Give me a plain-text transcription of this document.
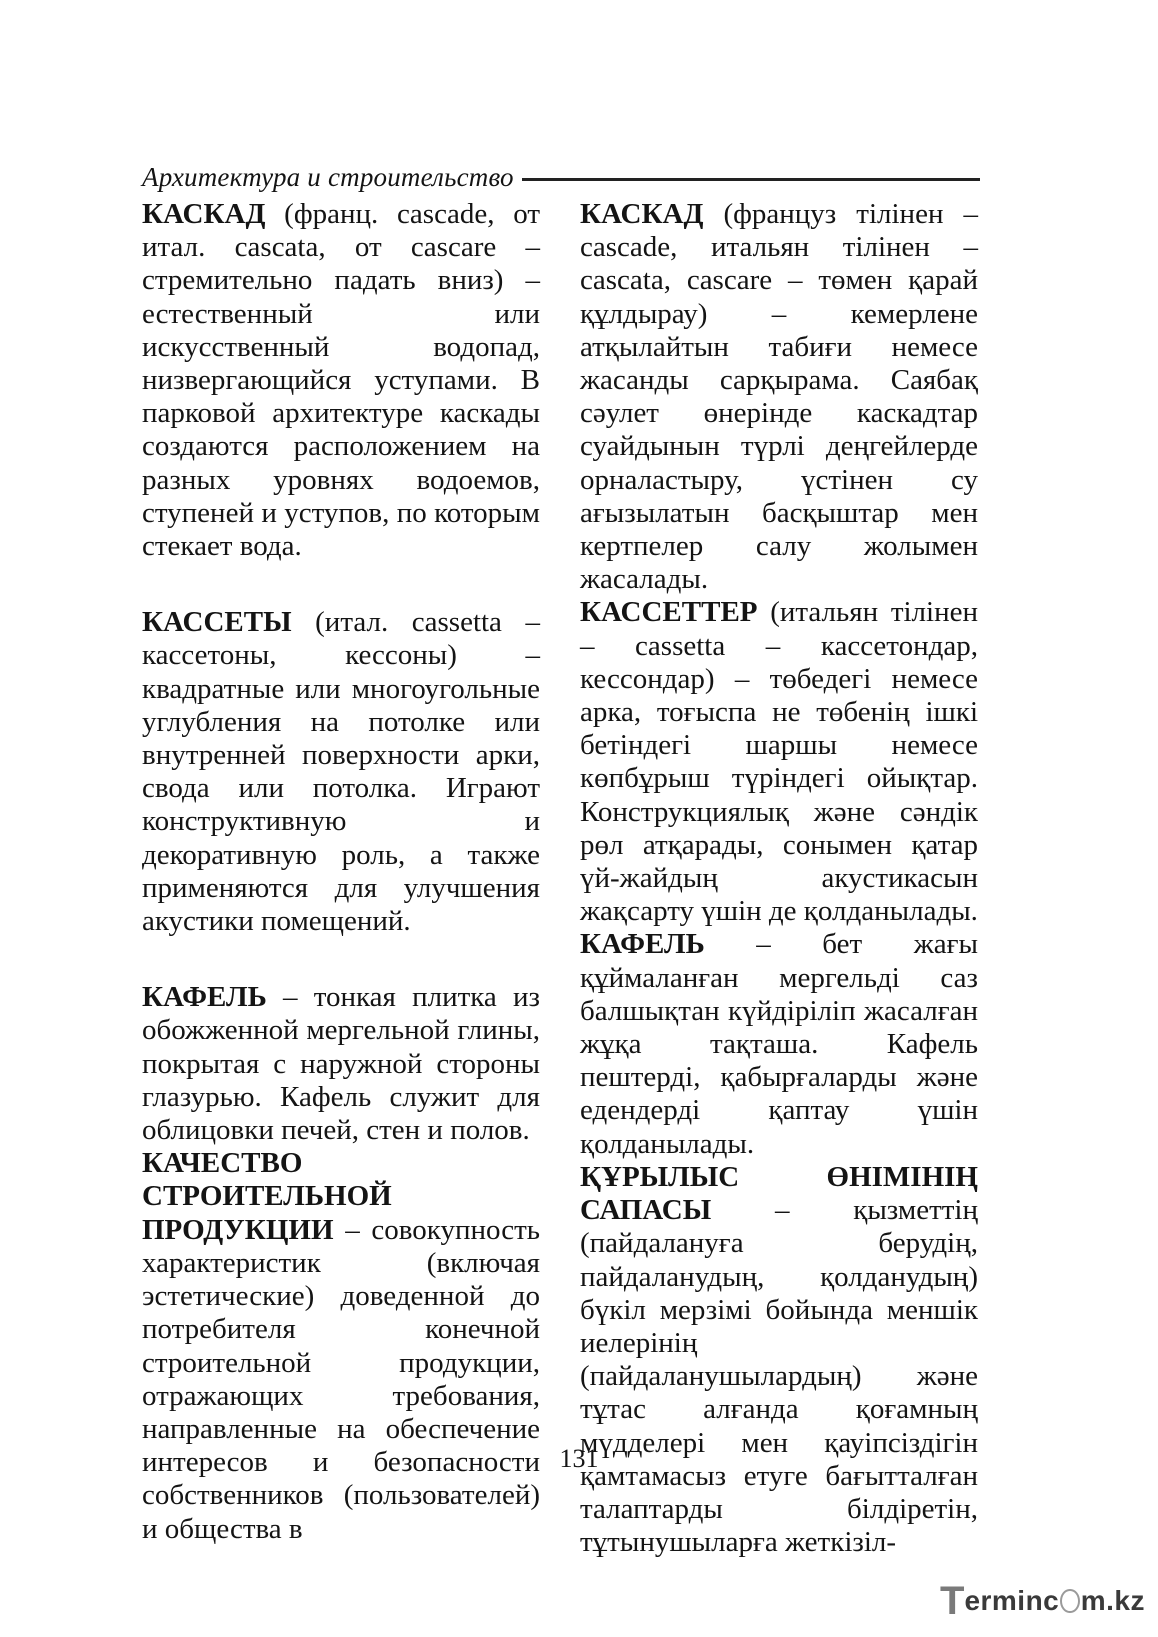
Архитектура и строительство

КАСКАД (франц. cascade, от итал. cascata, от cascare – стремительно падать вниз) – естественный или искусственный водопад, низвергающийся уступами. В парковой архитектуре каскады создаются расположением на разных уровнях водоемов, ступеней и уступов, по которым стекает вода.

КАССЕТЫ (итал. cassetta – кассетоны, кессоны) – квадратные или многоугольные углубления на потолке или внутренней поверхности арки, свода или потолка. Играют конструктивную и декоративную роль, а также применяются для улучшения акустики помещений.

КАФЕЛЬ – тонкая плитка из обожженной мергельной глины, покрытая с наружной стороны глазурью. Кафель служит для облицовки печей, стен и полов.

КАЧЕСТВО СТРОИТЕЛЬНОЙ ПРОДУКЦИИ – совокупность характеристик (включая эстетические) доведенной до потребителя конечной строительной продукции, отражающих требования, направленные на обеспечение интересов и безопасности собственников (пользователей) и общества в

КАСКАД (француз тілінен – cascade, итальян тілінен – cascata, cascare – төмен қарай құлдырау) – кемерлене атқылайтын табиғи немесе жасанды сарқырама. Саябақ сәулет өнерінде каскадтар суайдынын түрлі деңгейлерде орналастыру, үстінен су ағызылатын басқыштар мен кертпелер салу жолымен жасалады.

КАССЕТТЕР (итальян тілінен – cassetta – кассетондар, кессондар) – төбедегі немесе арка, тоғыспа не төбенің ішкі бетіндегі шаршы немесе көпбұрыш түріндегі ойықтар. Конструкциялық және сәндік рөл атқарады, сонымен қатар үй-жайдың акустикасын жақсарту үшін де қолданылады.

КАФЕЛЬ – бет жағы құймаланған мергельді саз балшықтан күйдіріліп жасалған жұқа тақташа. Кафель пештерді, қабырғаларды және едендерді қаптау үшін қолданылады.

ҚҰРЫЛЫС ӨНІМІНІҢ САПАСЫ – қызметтің (пайдалануға берудің, пайдаланудың, қолданудың) бүкіл мерзімі бойында меншік иелерінің (пайдаланушылардың) және тұтас алғанда қоғамның мүдделері мен қауіпсіздігін қамтамасыз етуге бағытталған талаптарды білдіретін, тұтынушыларға жеткізіл-

131
T erminc m.kz
